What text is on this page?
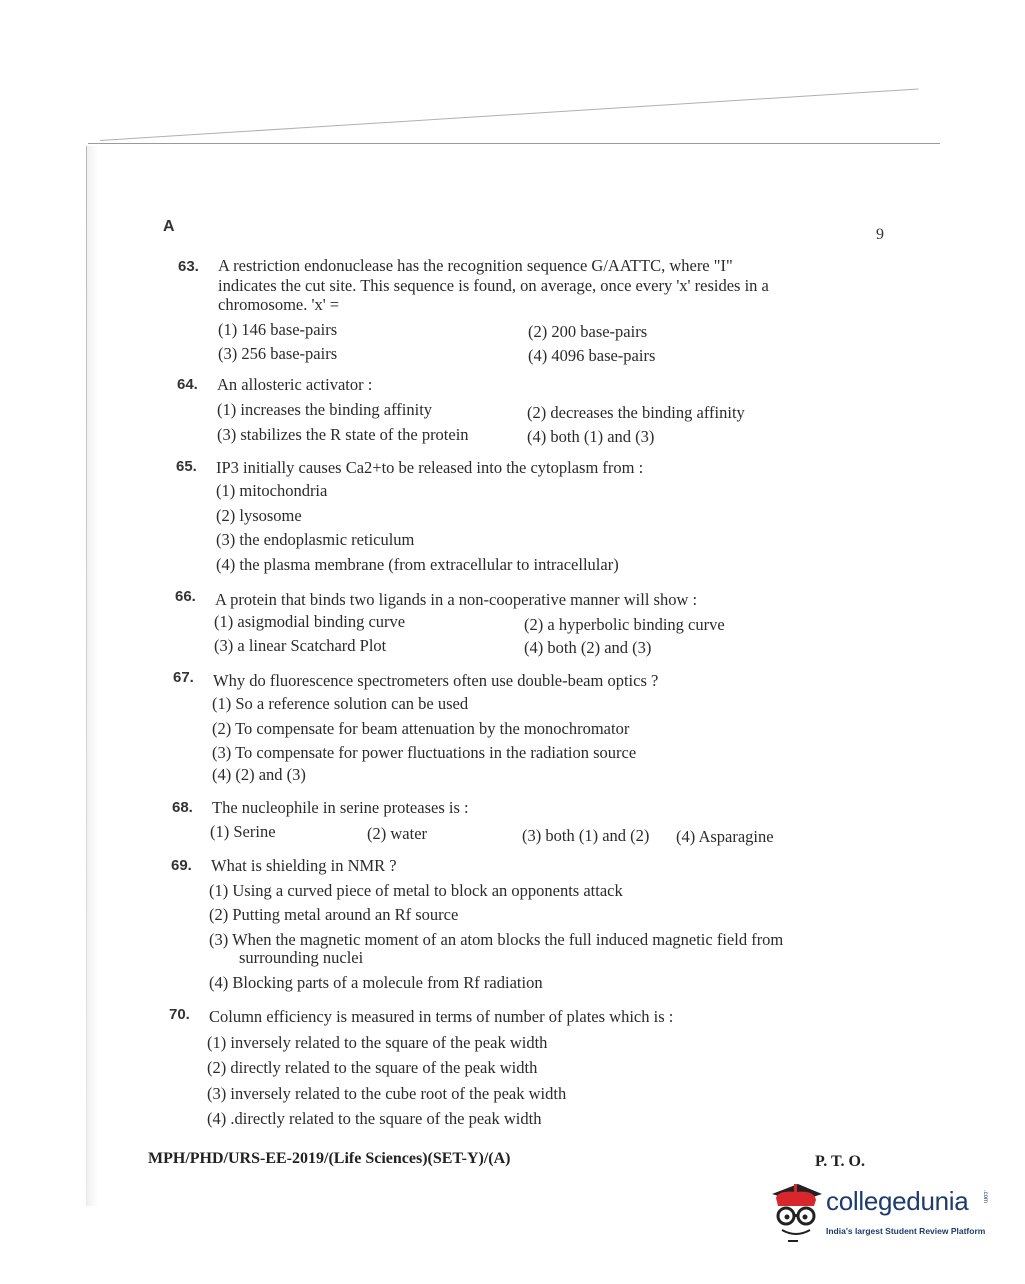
A	9
63. A restriction endonuclease has the recognition sequence G/AATTC, where "I"
indicates the cut site. This sequence is found, on average, once every 'x' resides in a
chromosome. 'x' =
(1) 146 base-pairs	(2) 200 base-pairs
(3) 256 base-pairs	(4) 4096 base-pairs
64. An allosteric activator :
(1) increases the binding affinity	(2) decreases the binding affinity
(3) stabilizes the R state of the protein	(4) both (1) and (3)
65. IP3 initially causes Ca2+to be released into the cytoplasm from :
(1) mitochondria
(2) lysosome
(3) the endoplasmic reticulum
(4) the plasma membrane (from extracellular to intracellular)
66. A protein that binds two ligands in a non-cooperative manner will show :
(1) asigmodial binding curve	(2) a hyperbolic binding curve
(3) a linear Scatchard Plot	(4) both (2) and (3)
67. Why do fluorescence spectrometers often use double-beam optics ?
(1) So a reference solution can be used
(2) To compensate for beam attenuation by the monochromator
(3) To compensate for power fluctuations in the radiation source
(4) (2) and (3)
68. The nucleophile in serine proteases is :
(1) Serine	(2) water	(3) both (1) and (2) (4) Asparagine
69. What is shielding in NMR ?
(1) Using a curved piece of metal to block an opponents attack
(2) Putting metal around an Rf source
(3) When the magnetic moment of an atom blocks the full induced magnetic field from
surrounding nuclei
(4) Blocking parts of a molecule from Rf radiation
70. Column efficiency is measured in terms of number of plates which is :
(1) inversely related to the square of the peak width
(2) directly related to the square of the peak width
(3) inversely related to the cube root of the peak width
(4) .directly related to the square of the peak width
MPH/PHD/URS-EE-2019/(Life Sciences)(SET-Y)/(A)	P. T. O.
collegedunia .com
India's largest Student Review Platform
